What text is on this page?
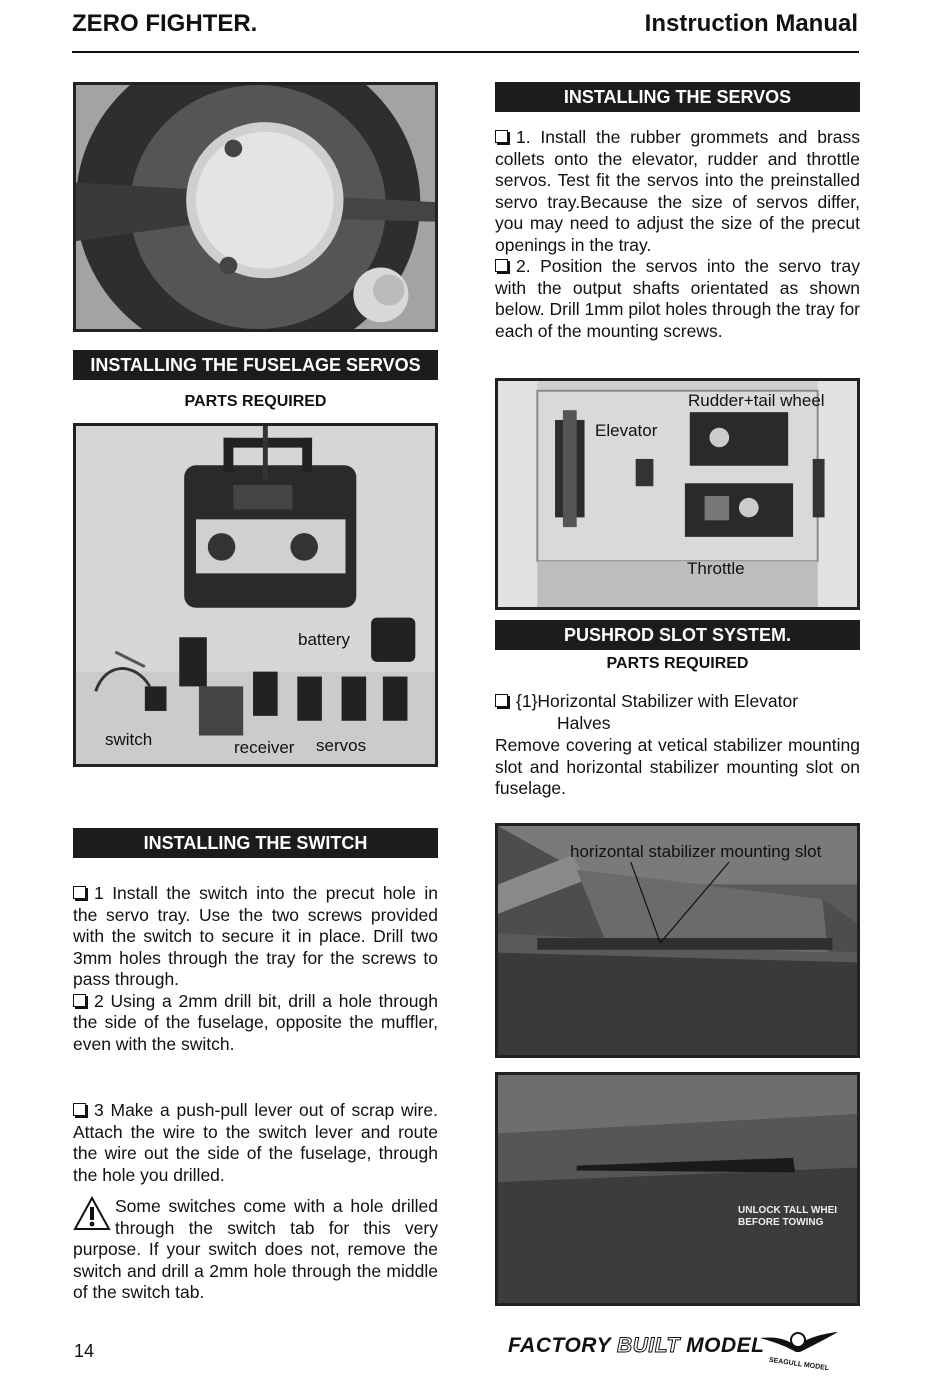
ZERO FIGHTER.	Instruction Manual
INSTALLING THE FUSELAGE SERVOS
PARTS REQUIRED
battery
switch	receiver servos
INSTALLING THE SWITCH

1 Install the switch into the precut hole in the servo tray. Use the two screws provided with the switch to secure it in place. Drill two 3mm holes through the tray for the screws to pass through.

2 Using a 2mm drill bit, drill a hole through the side of the fuselage, opposite the muffler, even with the switch.

3 Make a push-pull lever out of scrap wire. Attach the wire to the switch lever and route the wire out the side of the fuselage, through the hole you drilled.

Some switches come with a hole drilled through the switch tab for this very purpose. If your switch does not, remove the switch and drill a 2mm hole through the middle of the switch tab.

INSTALLING THE SERVOS

1. Install the rubber grommets and brass collets onto the elevator, rudder and throttle servos. Test fit the servos into the preinstalled servo tray.Because the size of servos differ, you may need to adjust the size of the precut openings in the tray.

2. Position the servos into the servo tray with the output shafts orientated as shown below. Drill 1mm pilot holes through the tray for each of the mounting screws.

Elevator
Rudder+tail wheel
Throttle
PUSHROD SLOT SYSTEM.
PARTS REQUIRED

{1}Horizontal Stabilizer with Elevator

Halves

Remove covering at vetical stabilizer mounting slot and horizontal stabilizer mounting slot on fuselage.
horizontal stabilizer mounting slot
UNLOCK TALL WHEI
BEFORE TOWING
14	FACTORY BUILT MODEL
SEAGULL MODEL
